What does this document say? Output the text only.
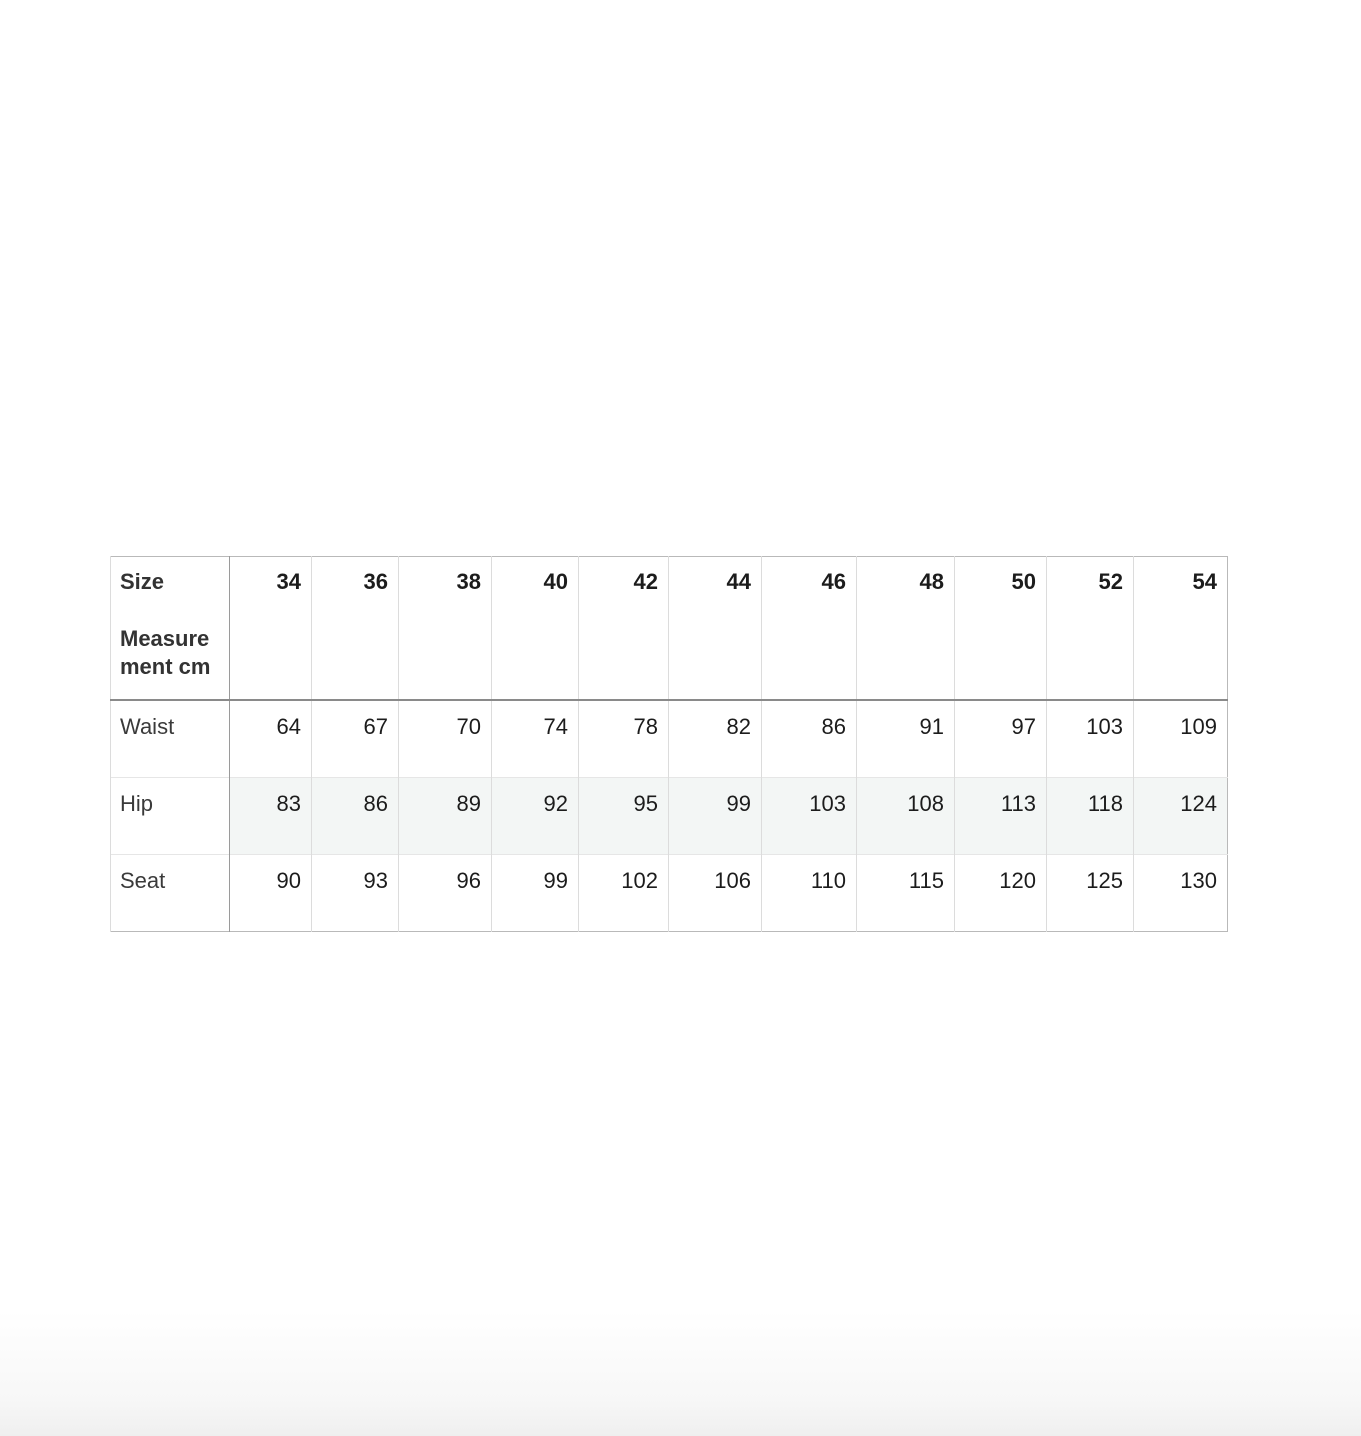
Size
Measure ment cm	34	36	38	40	42	44	46	48	50	52	54
Waist	64	67	70	74	78	82	86	91	97	103	109
Hip	83	86	89	92	95	99	103	108	113	118	124
Seat	90	93	96	99	102	106	110	115	120	125	130
